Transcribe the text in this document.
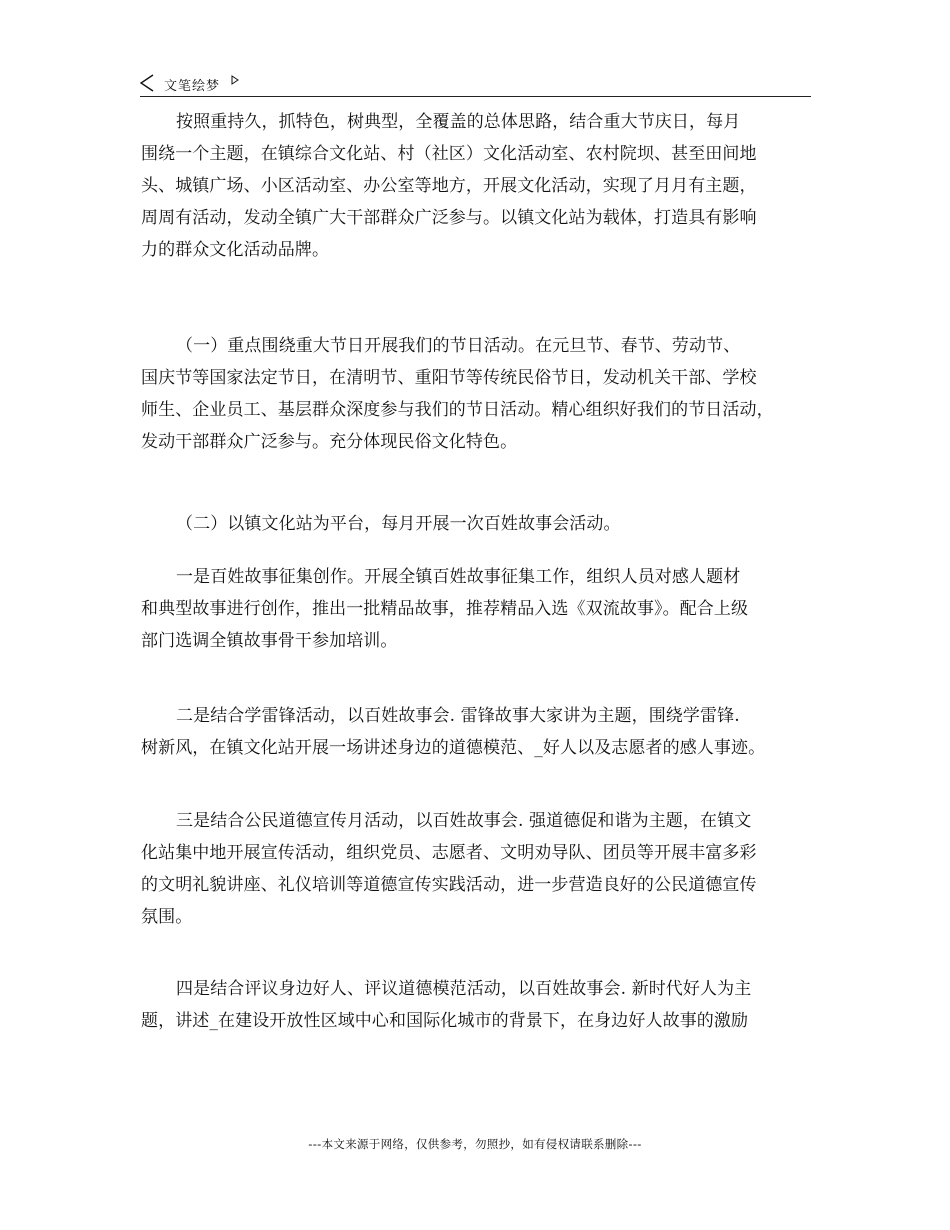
文笔绘梦
按照重持久，抓特色，树典型，全覆盖的总体思路，结合重大节庆日，每月
围绕一个主题，在镇综合文化站、村（社区）文化活动室、农村院坝、甚至田间地
头、城镇广场、小区活动室、办公室等地方，开展文化活动，实现了月月有主题，
周周有活动，发动全镇广大干部群众广泛参与。以镇文化站为载体，打造具有影响
力的群众文化活动品牌。
（一）重点围绕重大节日开展我们的节日活动。在元旦节、春节、劳动节、
国庆节等国家法定节日，在清明节、重阳节等传统民俗节日，发动机关干部、学校
师生、企业员工、基层群众深度参与我们的节日活动。精心组织好我们的节日活动，
发动干部群众广泛参与。充分体现民俗文化特色。
（二）以镇文化站为平台，每月开展一次百姓故事会活动。
一是百姓故事征集创作。开展全镇百姓故事征集工作，组织人员对感人题材
和典型故事进行创作，推出一批精品故事，推荐精品入选《双流故事》。配合上级
部门选调全镇故事骨干参加培训。
二是结合学雷锋活动，以百姓故事会. 雷锋故事大家讲为主题，围绕学雷锋.
树新风，在镇文化站开展一场讲述身边的道德模范、_好人以及志愿者的感人事迹。
三是结合公民道德宣传月活动，以百姓故事会. 强道德促和谐为主题，在镇文
化站集中地开展宣传活动，组织党员、志愿者、文明劝导队、团员等开展丰富多彩
的文明礼貌讲座、礼仪培训等道德宣传实践活动，进一步营造良好的公民道德宣传
氛围。
四是结合评议身边好人、评议道德模范活动，以百姓故事会. 新时代好人为主
题，讲述_在建设开放性区域中心和国际化城市的背景下，在身边好人故事的激励
---本文来源于网络，仅供参考，勿照抄，如有侵权请联系删除---
